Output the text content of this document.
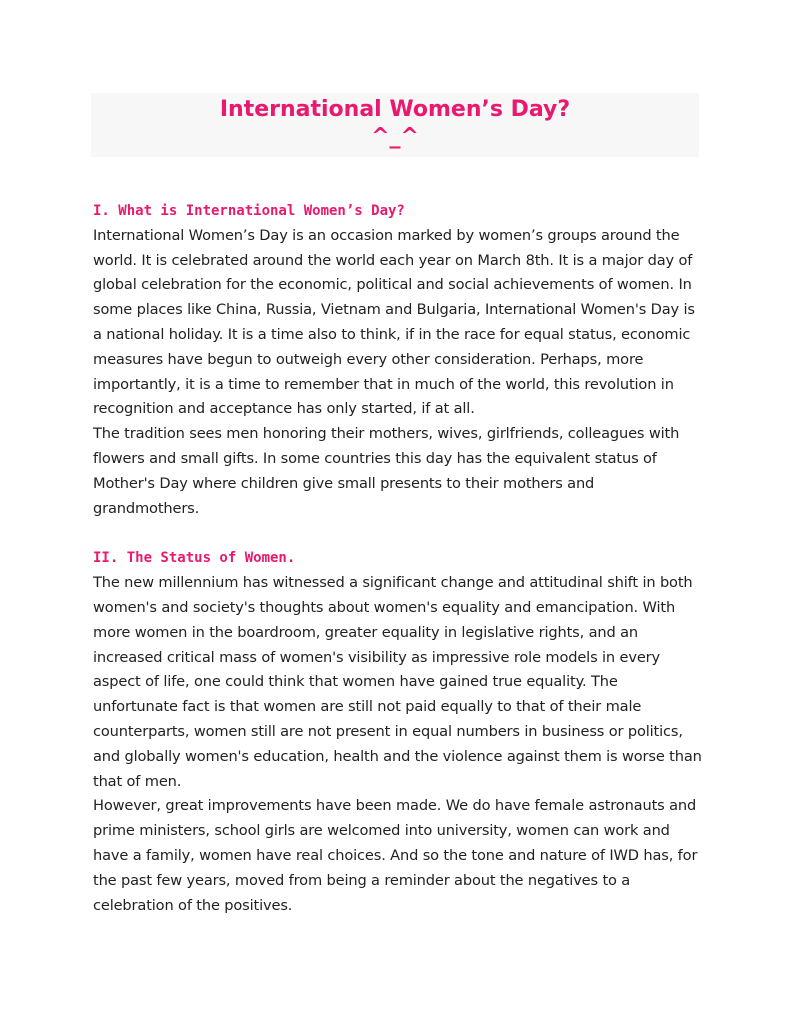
International Women’s Day?
^_^

I. What is International Women’s Day?

International Women’s Day is an occasion marked by women’s groups around the world. It is celebrated around the world each year on March 8th. It is a major day of global celebration for the economic, political and social achievements of women. In some places like China, Russia, Vietnam and Bulgaria, International Women's Day is a national holiday. It is a time also to think, if in the race for equal status, economic measures have begun to outweigh every other consideration. Perhaps, more importantly, it is a time to remember that in much of the world, this revolution in recognition and acceptance has only started, if at all.

The tradition sees men honoring their mothers, wives, girlfriends, colleagues with flowers and small gifts. In some countries this day has the equivalent status of Mother's Day where children give small presents to their mothers and grandmothers.

II. The Status of Women.

The new millennium has witnessed a significant change and attitudinal shift in both women's and society's thoughts about women's equality and emancipation. With more women in the boardroom, greater equality in legislative rights, and an increased critical mass of women's visibility as impressive role models in every aspect of life, one could think that women have gained true equality. The unfortunate fact is that women are still not paid equally to that of their male counterparts, women still are not present in equal numbers in business or politics, and globally women's education, health and the violence against them is worse than that of men.

However, great improvements have been made. We do have female astronauts and prime ministers, school girls are welcomed into university, women can work and have a family, women have real choices. And so the tone and nature of IWD has, for the past few years, moved from being a reminder about the negatives to a celebration of the positives.
